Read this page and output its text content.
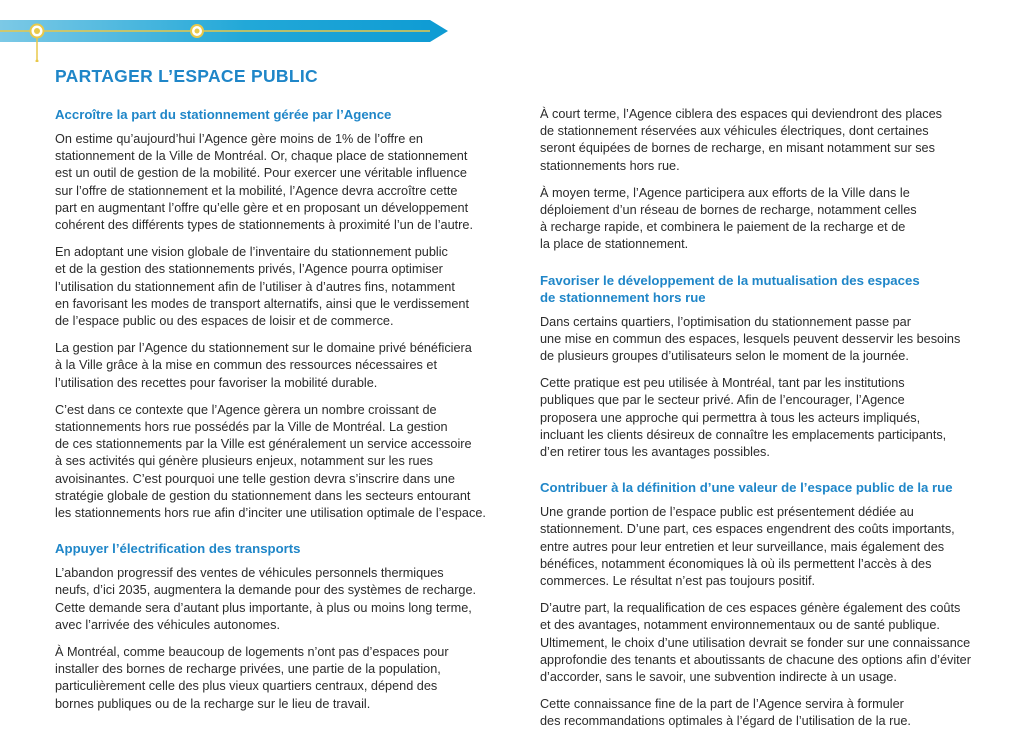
PARTAGER L’ESPACE PUBLIC
Accroître la part du stationnement gérée par l’Agence

On estime qu’aujourd’hui l’Agence gère moins de 1% de l’offre en
stationnement de la Ville de Montréal. Or, chaque place de stationnement
est un outil de gestion de la mobilité. Pour exercer une véritable influence
sur l’offre de stationnement et la mobilité, l’Agence devra accroître cette
part en augmentant l’offre qu’elle gère et en proposant un développement
cohérent des différents types de stationnements à proximité l’un de l’autre.

En adoptant une vision globale de l’inventaire du stationnement public
et de la gestion des stationnements privés, l’Agence pourra optimiser
l’utilisation du stationnement afin de l’utiliser à d’autres fins, notamment
en favorisant les modes de transport alternatifs, ainsi que le verdissement
de l’espace public ou des espaces de loisir et de commerce.

La gestion par l’Agence du stationnement sur le domaine privé bénéficiera
à la Ville grâce à la mise en commun des ressources nécessaires et
l’utilisation des recettes pour favoriser la mobilité durable.

C’est dans ce contexte que l’Agence gèrera un nombre croissant de
stationnements hors rue possédés par la Ville de Montréal. La gestion
de ces stationnements par la Ville est généralement un service accessoire
à ses activités qui génère plusieurs enjeux, notamment sur les rues
avoisinantes. C’est pourquoi une telle gestion devra s’inscrire dans une
stratégie globale de gestion du stationnement dans les secteurs entourant
les stationnements hors rue afin d’inciter une utilisation optimale de l’espace.

Appuyer l’électrification des transports

L’abandon progressif des ventes de véhicules personnels thermiques
neufs, d’ici 2035, augmentera la demande pour des systèmes de recharge.
Cette demande sera d’autant plus importante, à plus ou moins long terme,
avec l’arrivée des véhicules autonomes.

À Montréal, comme beaucoup de logements n’ont pas d’espaces pour
installer des bornes de recharge privées, une partie de la population,
particulièrement celle des plus vieux quartiers centraux, dépend des
bornes publiques ou de la recharge sur le lieu de travail.

À court terme, l’Agence ciblera des espaces qui deviendront des places
de stationnement réservées aux véhicules électriques, dont certaines
seront équipées de bornes de recharge, en misant notamment sur ses
stationnements hors rue.

À moyen terme, l’Agence participera aux efforts de la Ville dans le
déploiement d’un réseau de bornes de recharge, notamment celles
à recharge rapide, et combinera le paiement de la recharge et de
la place de stationnement.

Favoriser le développement de la mutualisation des espaces
de stationnement hors rue

Dans certains quartiers, l’optimisation du stationnement passe par
une mise en commun des espaces, lesquels peuvent desservir les besoins
de plusieurs groupes d’utilisateurs selon le moment de la journée.

Cette pratique est peu utilisée à Montréal, tant par les institutions
publiques que par le secteur privé. Afin de l’encourager, l’Agence
proposera une approche qui permettra à tous les acteurs impliqués,
incluant les clients désireux de connaître les emplacements participants,
d’en retirer tous les avantages possibles.

Contribuer à la définition d’une valeur de l’espace public de la rue

Une grande portion de l’espace public est présentement dédiée au
stationnement. D’une part, ces espaces engendrent des coûts importants,
entre autres pour leur entretien et leur surveillance, mais également des
bénéfices, notamment économiques là où ils permettent l’accès à des
commerces. Le résultat n’est pas toujours positif.

D’autre part, la requalification de ces espaces génère également des coûts
et des avantages, notamment environnementaux ou de santé publique.
Ultimement, le choix d’une utilisation devrait se fonder sur une connaissance
approfondie des tenants et aboutissants de chacune des options afin d’éviter
d’accorder, sans le savoir, une subvention indirecte à un usage.

Cette connaissance fine de la part de l’Agence servira à formuler
des recommandations optimales à l’égard de l’utilisation de la rue.
